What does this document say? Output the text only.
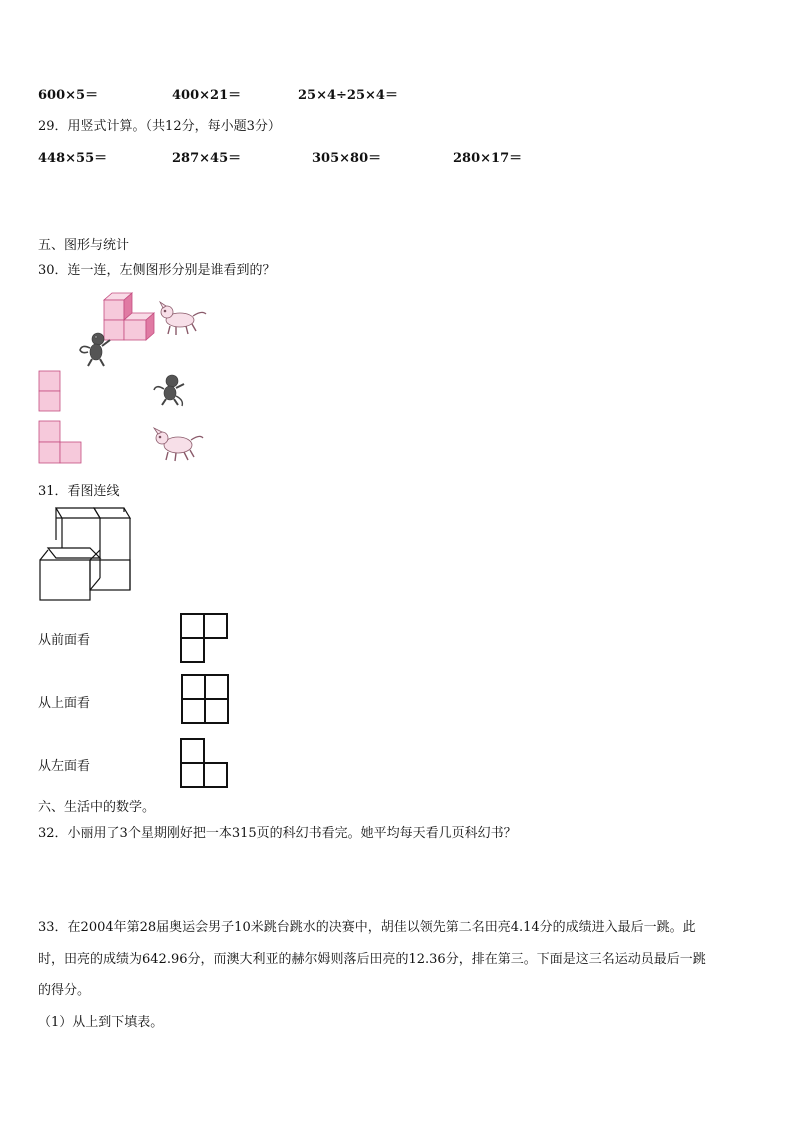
600×5＝	400×21＝	25×4÷25×4＝
29．用竖式计算。（共12分，每小题3分）
448×55＝	287×45＝	305×80＝	280×17＝
五、图形与统计
30．连一连，左侧图形分别是谁看到的？
31．看图连线
从前面看
从上面看
从左面看
六、生活中的数学。
32．小丽用了3个星期刚好把一本315页的科幻书看完。她平均每天看几页科幻书？
33．在2004年第28届奥运会男子10米跳台跳水的决赛中，胡佳以领先第二名田亮4.14分的成绩进入最后一跳。此
时，田亮的成绩为642.96分，而澳大利亚的赫尔姆则落后田亮的12.36分，排在第三。下面是这三名运动员最后一跳
的得分。
（1）从上到下填表。
